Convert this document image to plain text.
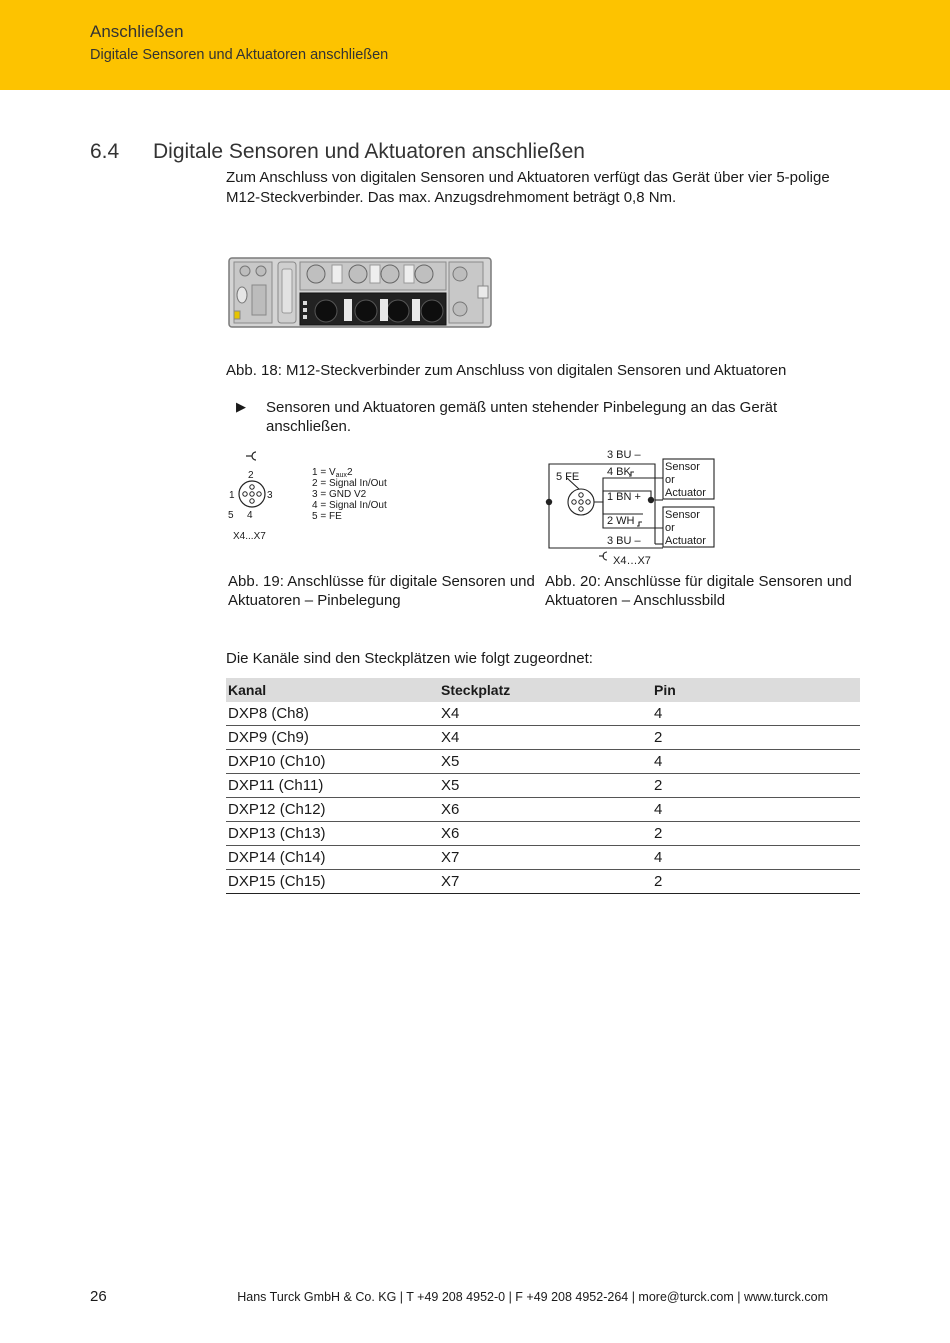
Anschließen
Digitale Sensoren und Aktuatoren anschließen
6.4 Digitale Sensoren und Aktuatoren anschließen
Zum Anschluss von digitalen Sensoren und Aktuatoren verfügt das Gerät über vier 5-polige M12-Steckverbinder. Das max. Anzugsdrehmoment beträgt 0,8 Nm.
Abb. 18: M12-Steckverbinder zum Anschluss von digitalen Sensoren und Aktuatoren
▶ Sensoren und Aktuatoren gemäß unten stehender Pinbelegung an das Gerät anschließen.
2
1	3
5 4
X4...X7
$1 = V_{aux}2$
2 = Signal In/Out
3 = GND V2
4 = Signal In/Out
5 = FE
5 FE
3 BU –
4 BK
1 BN +
2 WH
3 BU –
Sensor
or
Actuator
Sensor
or
Actuator
X4…X7
Abb. 19: Anschlüsse für digitale Sensoren und Aktuatoren – Pinbelegung
Abb. 20: Anschlüsse für digitale Sensoren und Aktuatoren – Anschlussbild
Die Kanäle sind den Steckplätzen wie folgt zugeordnet:
Kanal	Steckplatz	Pin
DXP8 (Ch8)	X4	4
DXP9 (Ch9)	X4	2
DXP10 (Ch10)	X5	4
DXP11 (Ch11)	X5	2
DXP12 (Ch12)	X6	4
DXP13 (Ch13)	X6	2
DXP14 (Ch14)	X7	4
DXP15 (Ch15)	X7	2
26	Hans Turck GmbH & Co. KG | T +49 208 4952-0 | F +49 208 4952-264 | more@turck.com | www.turck.com
